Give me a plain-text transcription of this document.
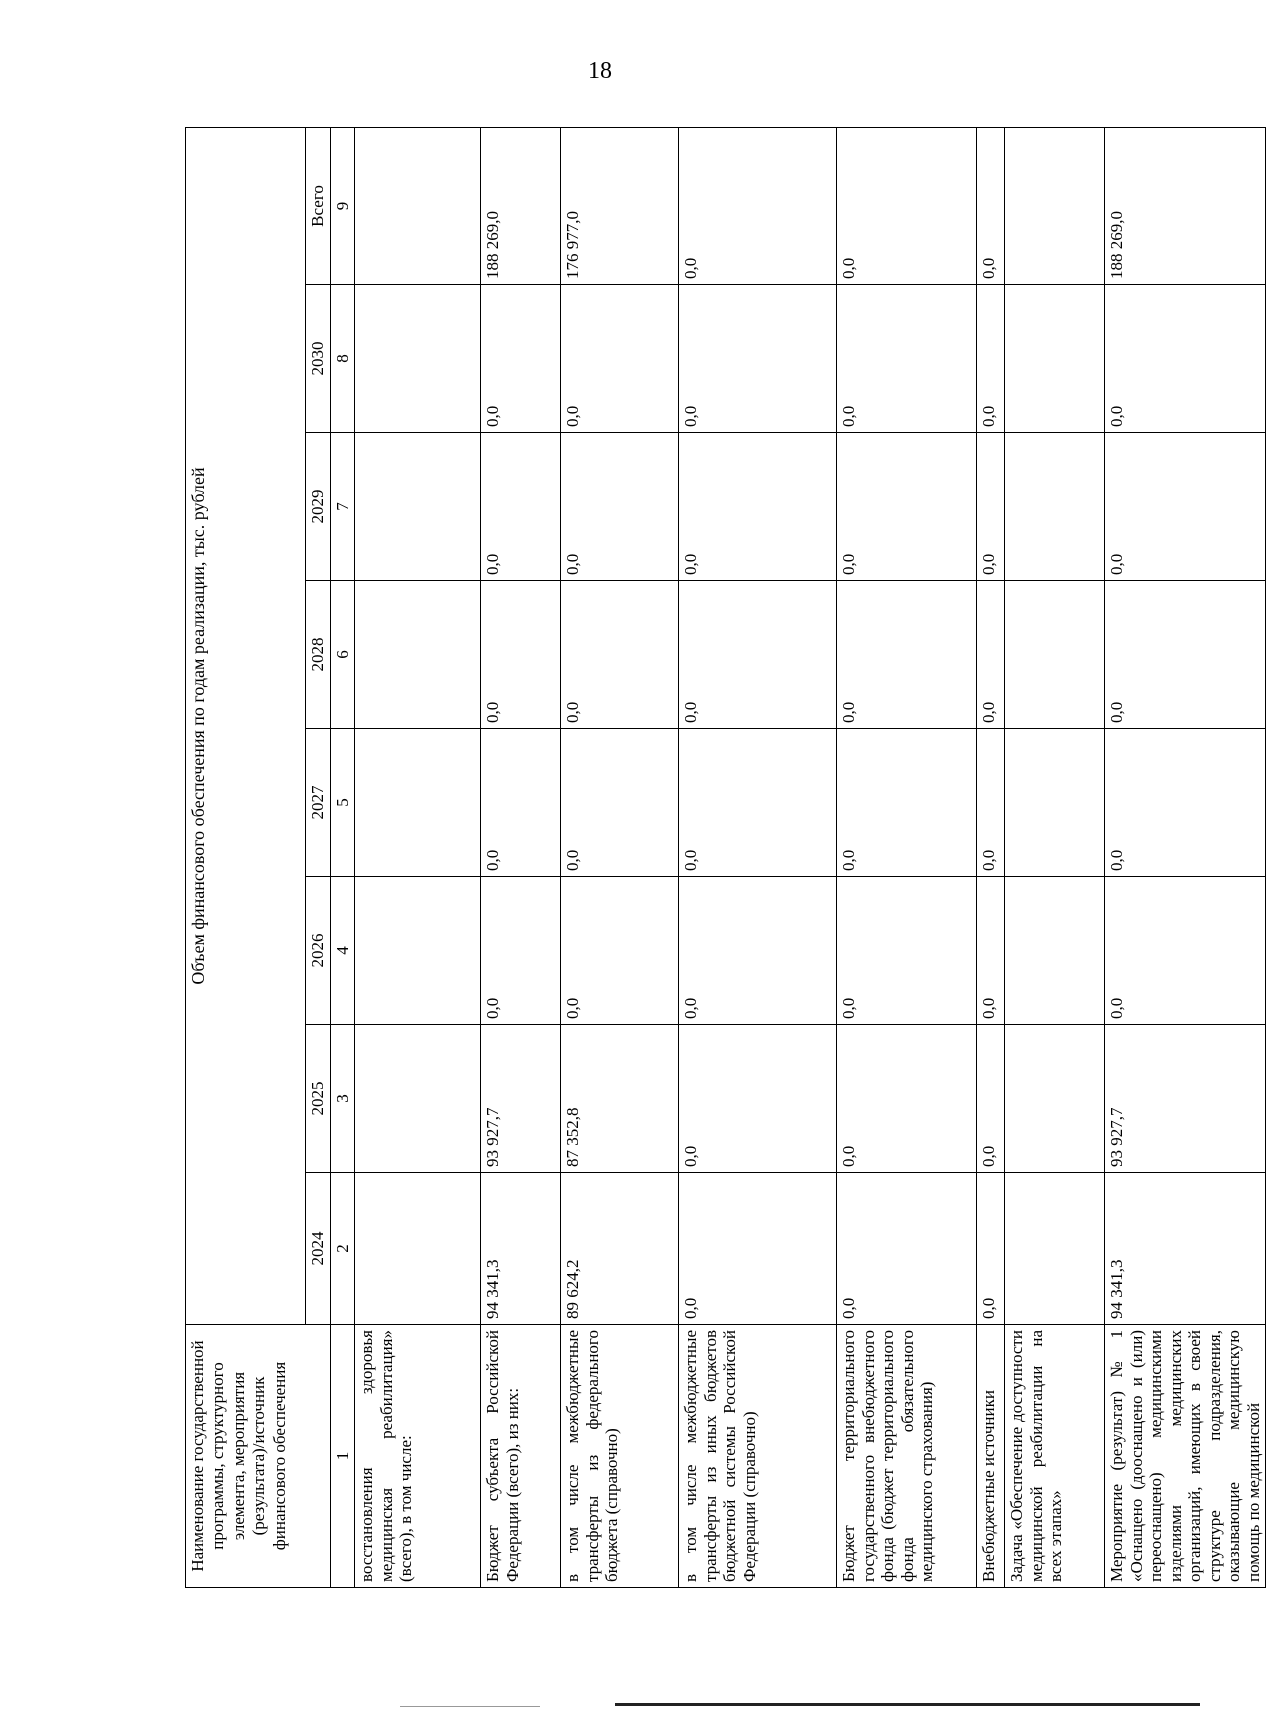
18
Наименование государственной программы, структурного элемента, мероприятия (результата)/источник финансового обеспечения	Объем финансового обеспечения по годам реализации, тыс. рублей							
	2024	2025	2026	2027	2028	2029	2030	Всего
1	2	3	4	5	6	7	8	9
восстановления здоровья медицинская реабилитация» (всего), в том числе:								
Бюджет субъекта Российской Федерации (всего), из них:	94 341,3	93 927,7	0,0	0,0	0,0	0,0	0,0	188 269,0
в том числе межбюджетные трансферты из федерального бюджета (справочно)	89 624,2	87 352,8	0,0	0,0	0,0	0,0	0,0	176 977,0
в том числе межбюджетные трансферты из иных бюджетов бюджетной системы Российской Федерации (справочно)	0,0	0,0	0,0	0,0	0,0	0,0	0,0	0,0
Бюджет территориального государственного внебюджетного фонда (бюджет территориального фонда обязательного медицинского страхования)	0,0	0,0	0,0	0,0	0,0	0,0	0,0	0,0
Внебюджетные источники	0,0	0,0	0,0	0,0	0,0	0,0	0,0	0,0
Задача «Обеспечение доступности медицинской реабилитации на всех этапах»								
Мероприятие (результат) № 1 «Оснащено (дооснащено и (или) переоснащено) медицинскими изделиями медицинских организаций, имеющих в своей структуре подразделения, оказывающие медицинскую помощь по медицинской	94 341,3	93 927,7	0,0	0,0	0,0	0,0	0,0	188 269,0
